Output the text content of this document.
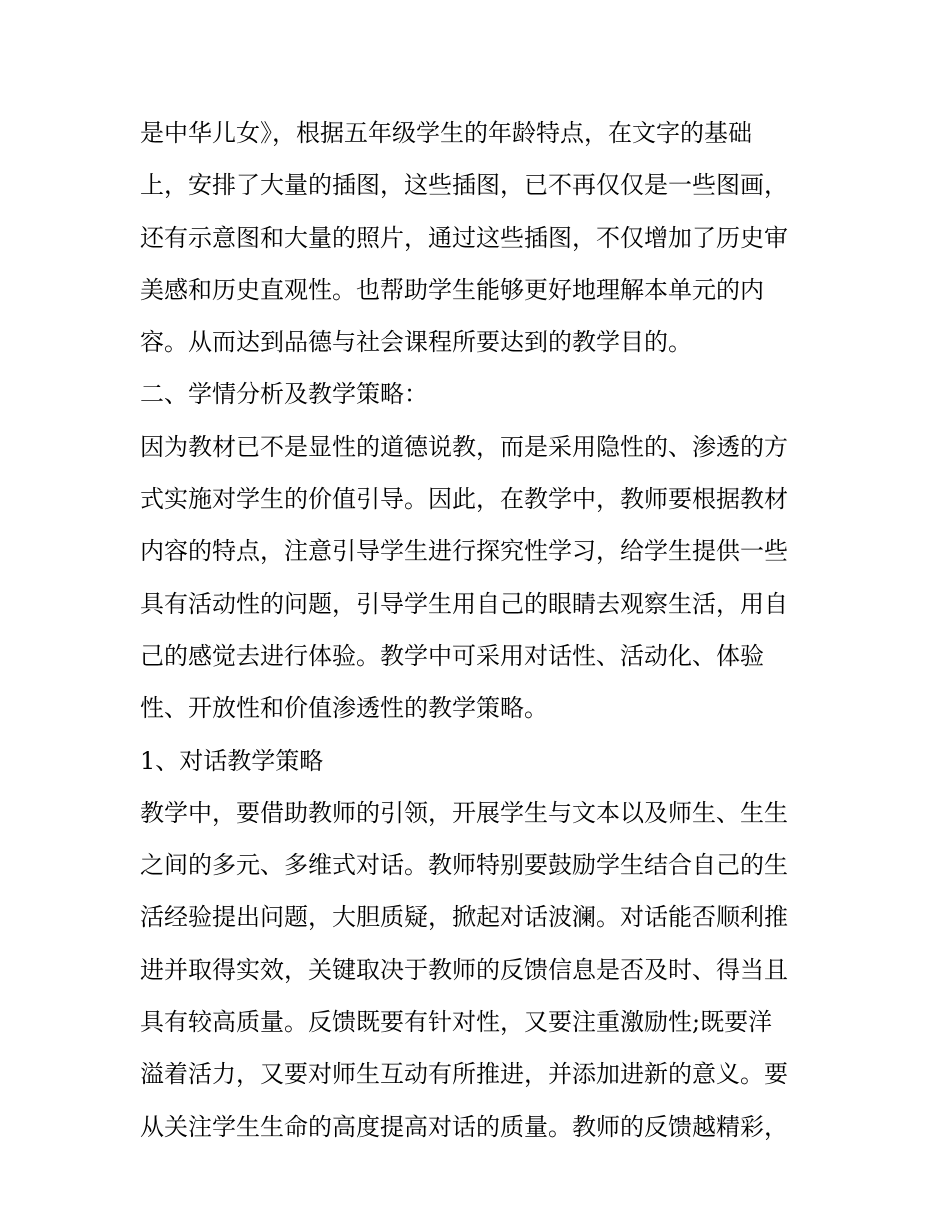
是中华儿女》，根据五年级学生的年龄特点，在文字的基础
上，安排了大量的插图，这些插图，已不再仅仅是一些图画，
还有示意图和大量的照片，通过这些插图，不仅增加了历史审
美感和历史直观性。也帮助学生能够更好地理解本单元的内
容。从而达到品德与社会课程所要达到的教学目的。
二、学情分析及教学策略：
因为教材已不是显性的道德说教，而是采用隐性的、渗透的方
式实施对学生的价值引导。因此，在教学中，教师要根据教材
内容的特点，注意引导学生进行探究性学习，给学生提供一些
具有活动性的问题，引导学生用自己的眼睛去观察生活，用自
己的感觉去进行体验。教学中可采用对话性、活动化、体验
性、开放性和价值渗透性的教学策略。
1、对话教学策略
教学中，要借助教师的引领，开展学生与文本以及师生、生生
之间的多元、多维式对话。教师特别要鼓励学生结合自己的生
活经验提出问题，大胆质疑，掀起对话波澜。对话能否顺利推
进并取得实效，关键取决于教师的反馈信息是否及时、得当且
具有较高质量。反馈既要有针对性，又要注重激励性;既要洋
溢着活力，又要对师生互动有所推进，并添加进新的意义。要
从关注学生生命的高度提高对话的质量。教师的反馈越精彩，
